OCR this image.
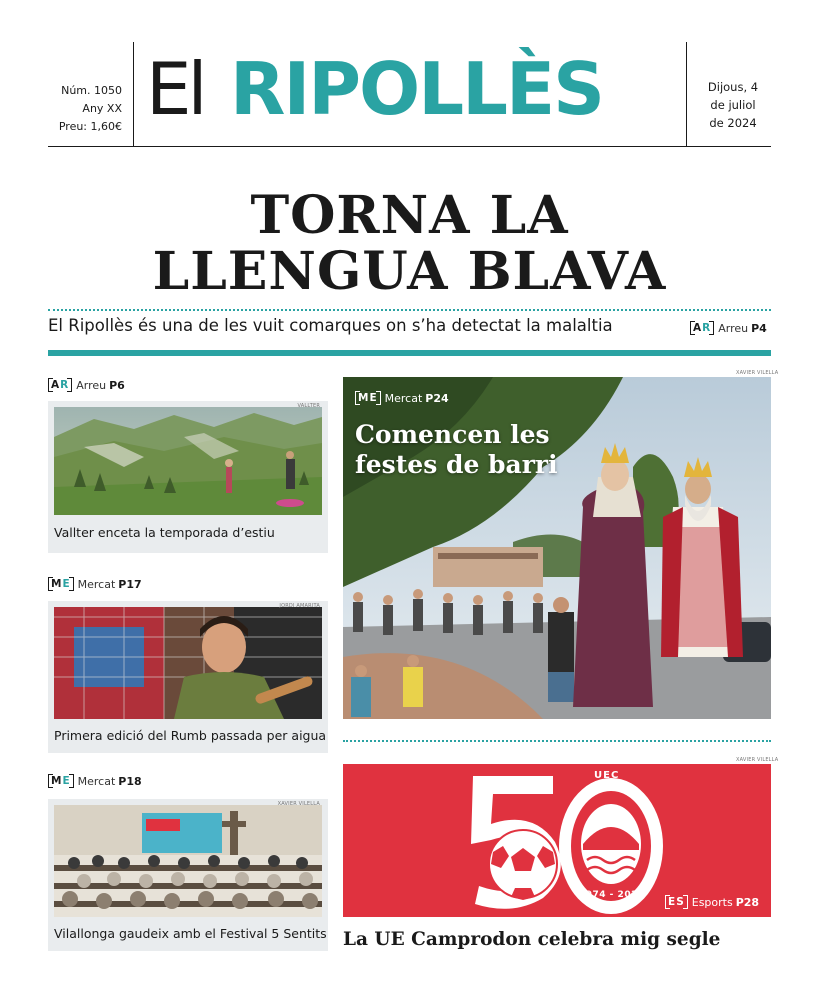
Núm. 1050
Any XX
Preu: 1,60€ El RIPOLLÈS	Dijous, 4
de juliol
de 2024
TORNA LA
LLENGUA BLAVA
El Ripollès és una de les vuit comarques on s’ha detectat la malaltia	AR Arreu P4
AR Arreu P6
VALLTER
Vallter enceta la temporada d’estiu
ME Mercat P17
JORDI AMARITA
Primera edició del Rumb passada per aigua
ME Mercat P18
XAVIER VILELLA
Vilallonga gaudeix amb el Festival 5 Sentits
XAVIER VILELLA
ME Mercat P24
Comencen les
festes de barri
XAVIER VILELLA
UEC
1974 - 2024
ES Esports P28
La UE Camprodon celebra mig segle
